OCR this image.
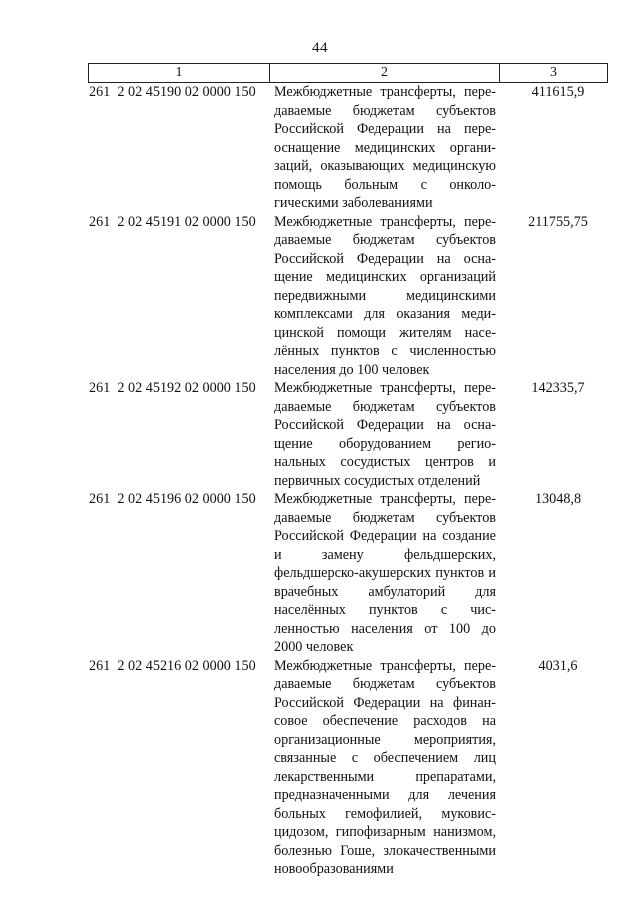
44
1	2	3
261  2 02 45190 02 0000 150 Межбюджетные трансферты, передаваемые бюджетам субъектов Российской Федерации на переоснащение медицинских организаций, оказывающих медицинскую помощь больным с онкологическими заболеваниями
411615,9
261  2 02 45191 02 0000 150 Межбюджетные трансферты, передаваемые бюджетам субъектов Российской Федерации на оснащение медицинских организаций передвижными медицинскими комплексами для оказания медицинской помощи жителям населённых пунктов с численностью населения до 100 человек
211755,75
261  2 02 45192 02 0000 150 Межбюджетные трансферты, передаваемые бюджетам субъектов Российской Федерации на оснащение оборудованием региональных сосудистых центров и первичных сосудистых отделений
142335,7
261  2 02 45196 02 0000 150 Межбюджетные трансферты, передаваемые бюджетам субъектов Российской Федерации на создание и замену фельдшерских, фельдшерско-акушерских пунктов и врачебных амбулаторий для населённых пунктов с численностью населения от 100 до 2000 человек
13048,8
261  2 02 45216 02 0000 150 Межбюджетные трансферты, передаваемые бюджетам субъектов Российской Федерации на финансовое обеспечение расходов на организационные мероприятия, связанные с обеспечением лиц лекарственными препаратами, предназначенными для лечения больных гемофилией, муковисцидозом, гипофизарным нанизмом, болезнью Гоше, злокачественными новообразованиями
4031,6
